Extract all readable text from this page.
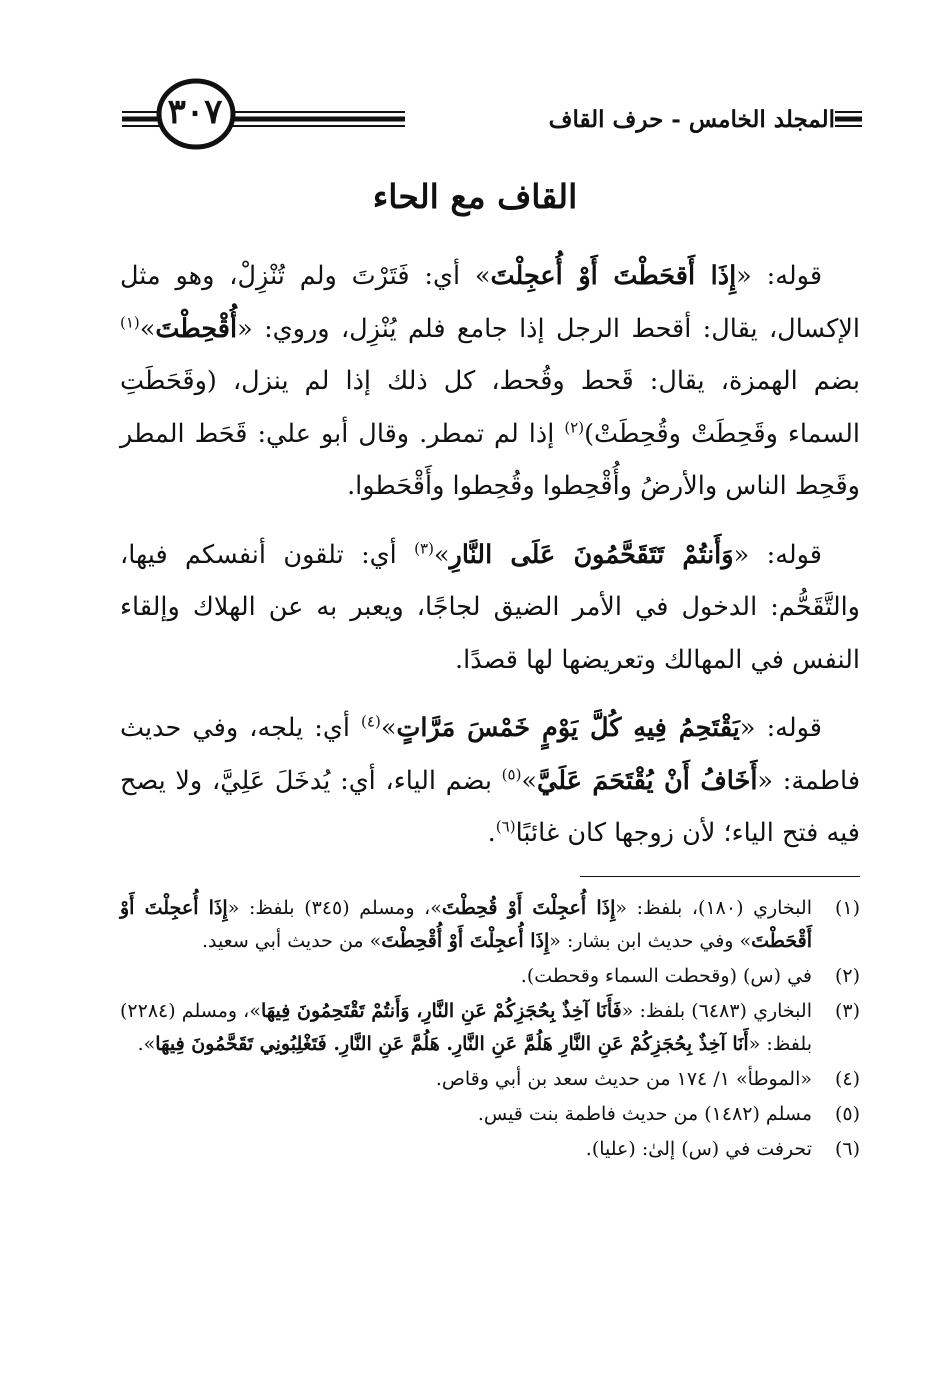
٣٠٧	المجلد الخامس - حرف القاف
القاف مع الحاء

قوله: «إِذَا أَقحَطْتَ أَوْ أُعجِلْتَ» أي: فَتَرْتَ ولم تُنْزِلْ، وهو مثل الإكسال، يقال: أقحط الرجل إذا جامع فلم يُنْزِل، وروي: «أُقْحِطْتَ»$^{(١)}$ بضم الهمزة، يقال: قَحط وقُحط، كل ذلك إذا لم ينزل، (وقَحَطَتِ السماء وقَحِطَتْ وقُحِطَتْ)$^{(٢)}$ إذا لم تمطر. وقال أبو علي: قَحَط المطر وقَحِط الناس والأرضُ وأُقْحِطوا وقُحِطوا وأَقْحَطوا.

قوله: «وَأَنتُمْ تَتَقَحَّمُونَ عَلَى النَّارِ»$^{(٣)}$ أي: تلقون أنفسكم فيها، والتَّقَحُّم: الدخول في الأمر الضيق لجاجًا، ويعبر به عن الهلاك وإلقاء النفس في المهالك وتعريضها لها قصدًا.

قوله: «يَقْتَحِمُ فِيهِ كُلَّ يَوْمٍ خَمْسَ مَرَّاتٍ»$^{(٤)}$ أي: يلجه، وفي حديث فاطمة: «أَخَافُ أَنْ يُقْتَحَمَ عَلَيَّ»$^{(٥)}$ بضم الياء، أي: يُدخَلَ عَلِيَّ، ولا يصح فيه فتح الياء؛ لأن زوجها كان غائبًا$^{(٦)}$.

(١)
البخاري (١٨٠)، بلفظ: «إِذَا أُعجِلْتَ أَوْ قُحِطْتَ»، ومسلم (٣٤٥) بلفظ: «إِذَا أُعجِلْتَ أَوْ أَقْحَطْتَ» وفي حديث ابن بشار: «إِذَا أُعجِلْتَ أَوْ أُقْحِطْتَ» من حديث أبي سعيد.
(٢)
في (س) (وقحطت السماء وقحطت).
(٣)
البخاري (٦٤٨٣) بلفظ: «فَأَنَا آخِذٌ بِحُجَزِكُمْ عَنِ النَّارِ، وَأَنتُمْ تَقْتَحِمُونَ فِيهَا»، ومسلم (٢٢٨٤) بلفظ: «أَنَا آخِذٌ بِحُجَزِكُمْ عَنِ النَّارِ هَلُمَّ عَنِ النَّارِ. هَلُمَّ عَنِ النَّارِ. فَتَغْلِبُونِي تَقَحَّمُونَ فِيهَا».
(٤)
«الموطأ» ١/ ١٧٤ من حديث سعد بن أبي وقاص.
(٥)
مسلم (١٤٨٢) من حديث فاطمة بنت قيس.
(٦)
تحرفت في (س) إلىٰ: (عليا).
